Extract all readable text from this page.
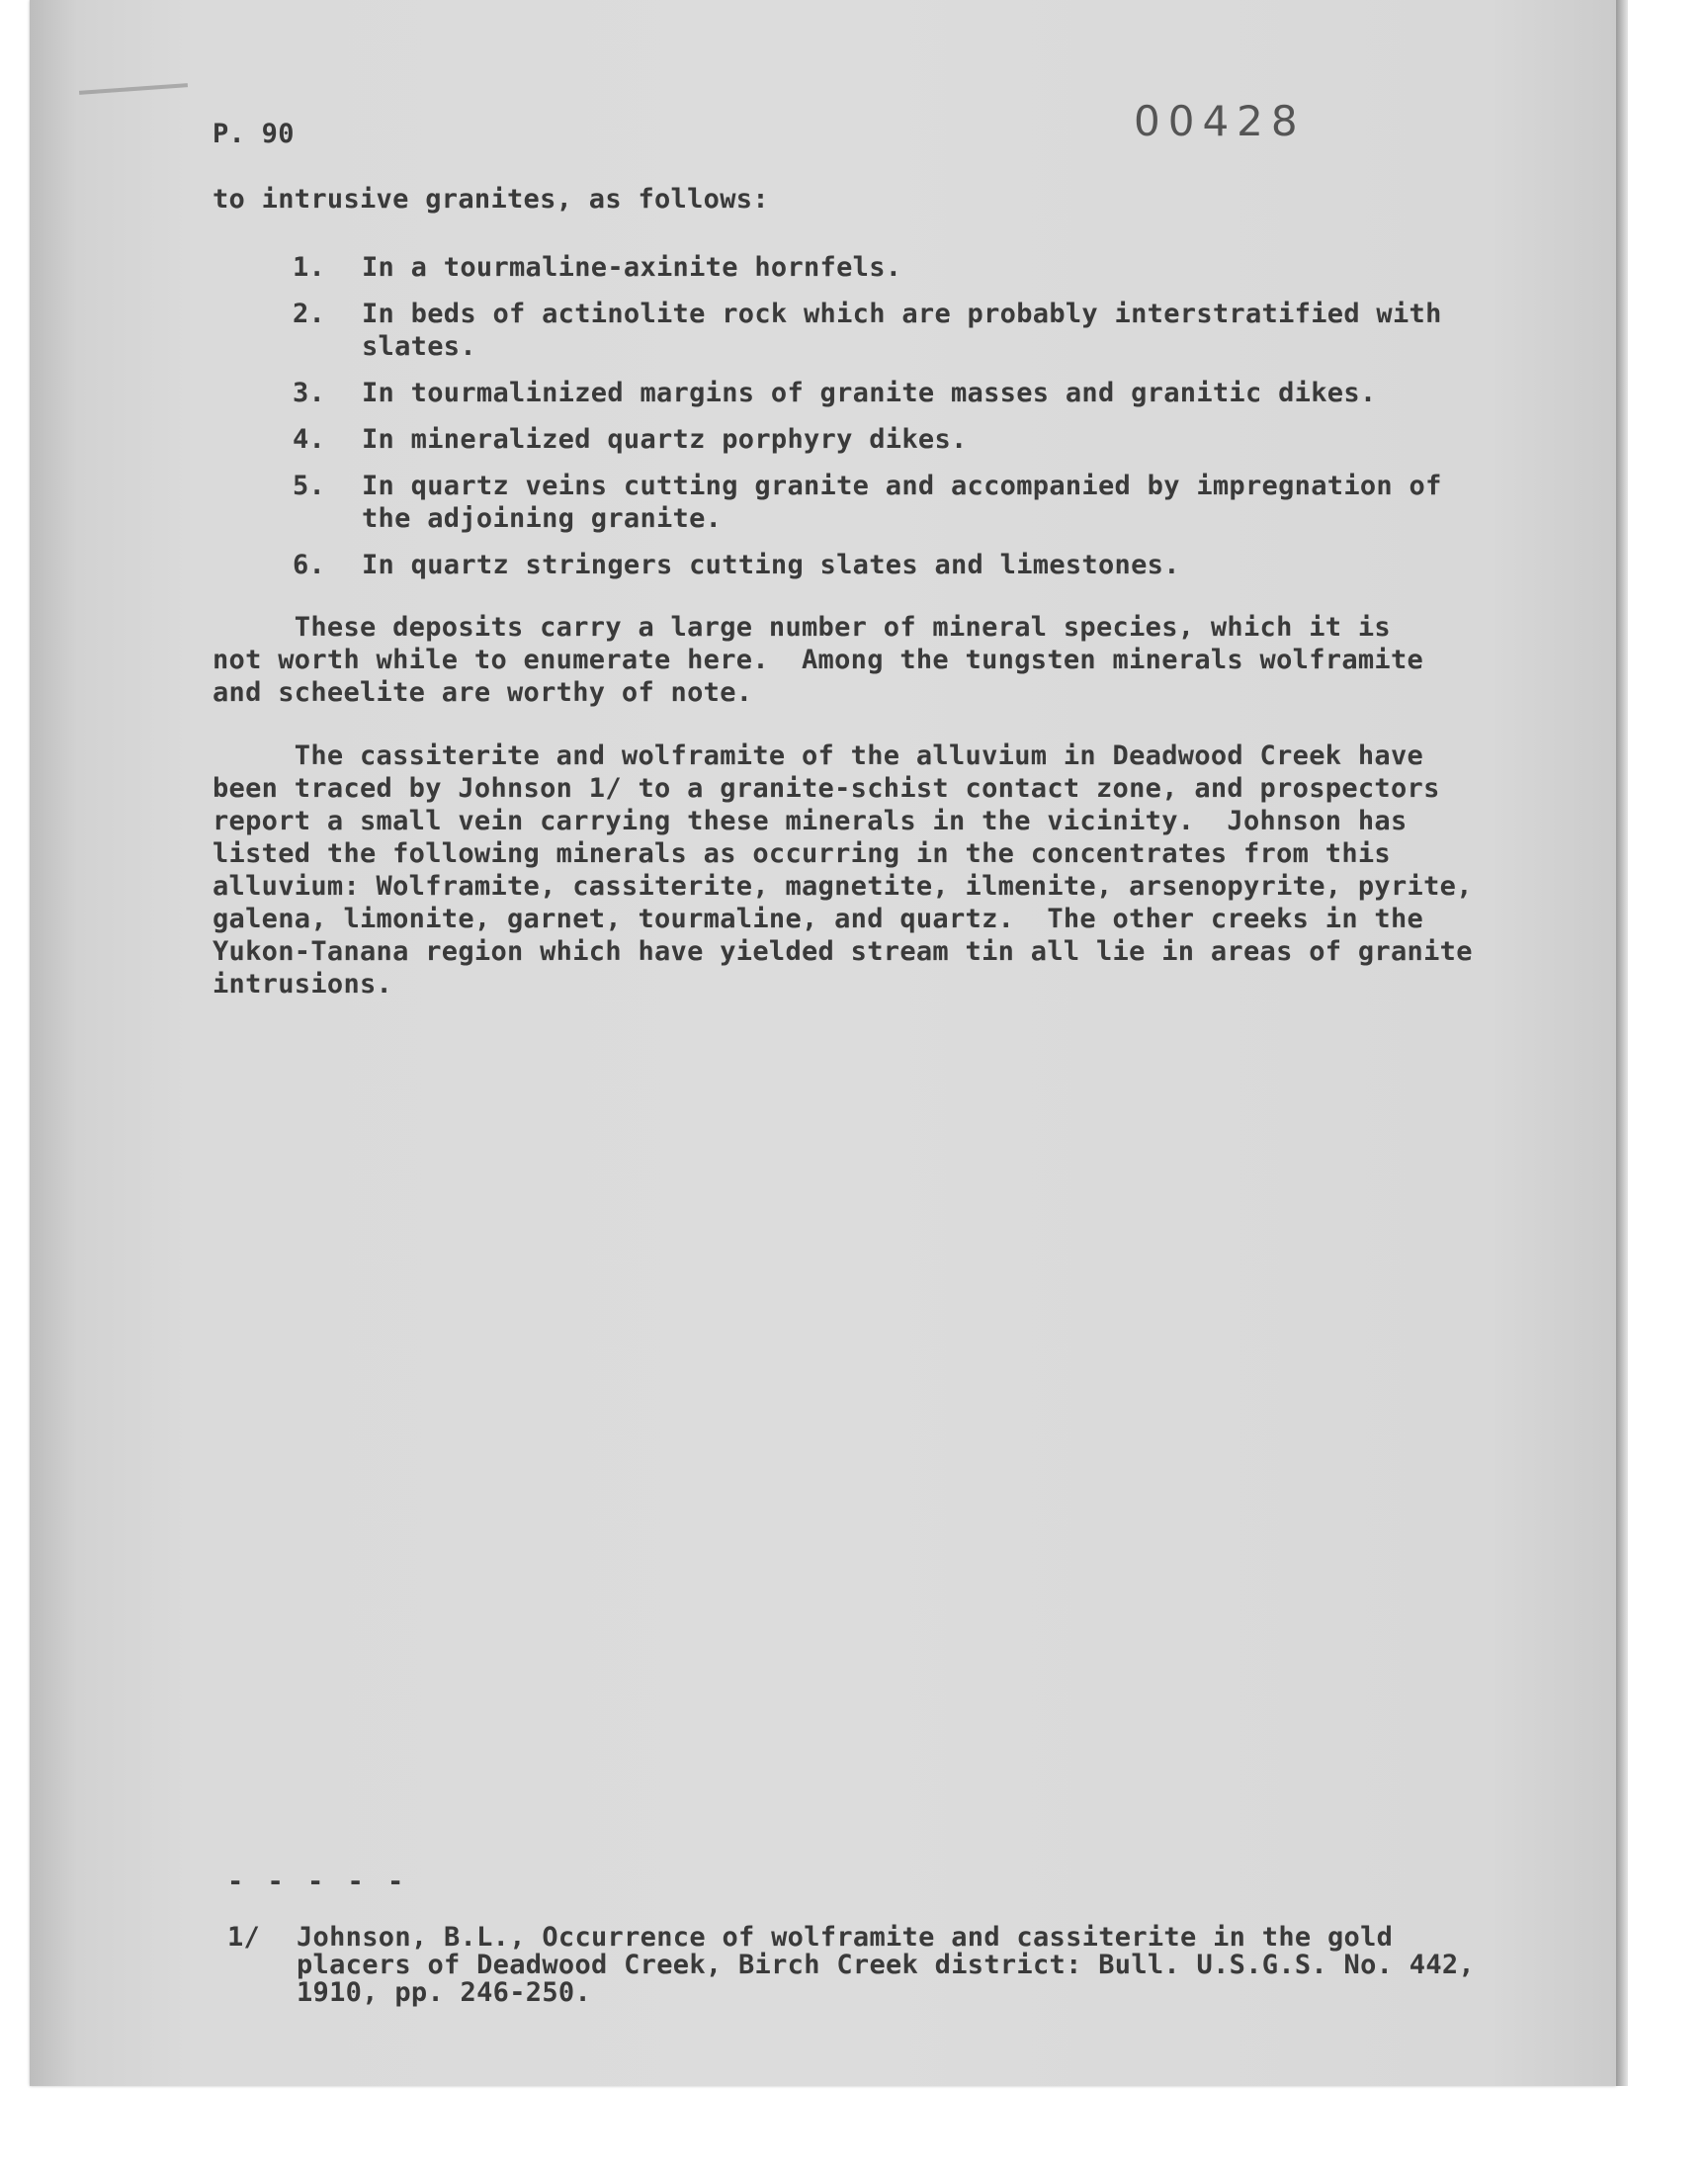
P. 90	00428
to intrusive granites, as follows:
1. In a tourmaline-axinite hornfels.
2. In beds of actinolite rock which are probably interstratified with
slates.
3. In tourmalinized margins of granite masses and granitic dikes.
4. In mineralized quartz porphyry dikes.
5. In quartz veins cutting granite and accompanied by impregnation of
the adjoining granite.
6. In quartz stringers cutting slates and limestones.
These deposits carry a large number of mineral species, which it is
not worth while to enumerate here.  Among the tungsten minerals wolframite
and scheelite are worthy of note.
The cassiterite and wolframite of the alluvium in Deadwood Creek have
been traced by Johnson 1/ to a granite-schist contact zone, and prospectors
report a small vein carrying these minerals in the vicinity.  Johnson has
listed the following minerals as occurring in the concentrates from this
alluvium: Wolframite, cassiterite, magnetite, ilmenite, arsenopyrite, pyrite,
galena, limonite, garnet, tourmaline, and quartz.  The other creeks in the
Yukon-Tanana region which have yielded stream tin all lie in areas of granite
intrusions.
- - - - -
1/ Johnson, B.L., Occurrence of wolframite and cassiterite in the gold
placers of Deadwood Creek, Birch Creek district: Bull. U.S.G.S. No. 442,
1910, pp. 246-250.
